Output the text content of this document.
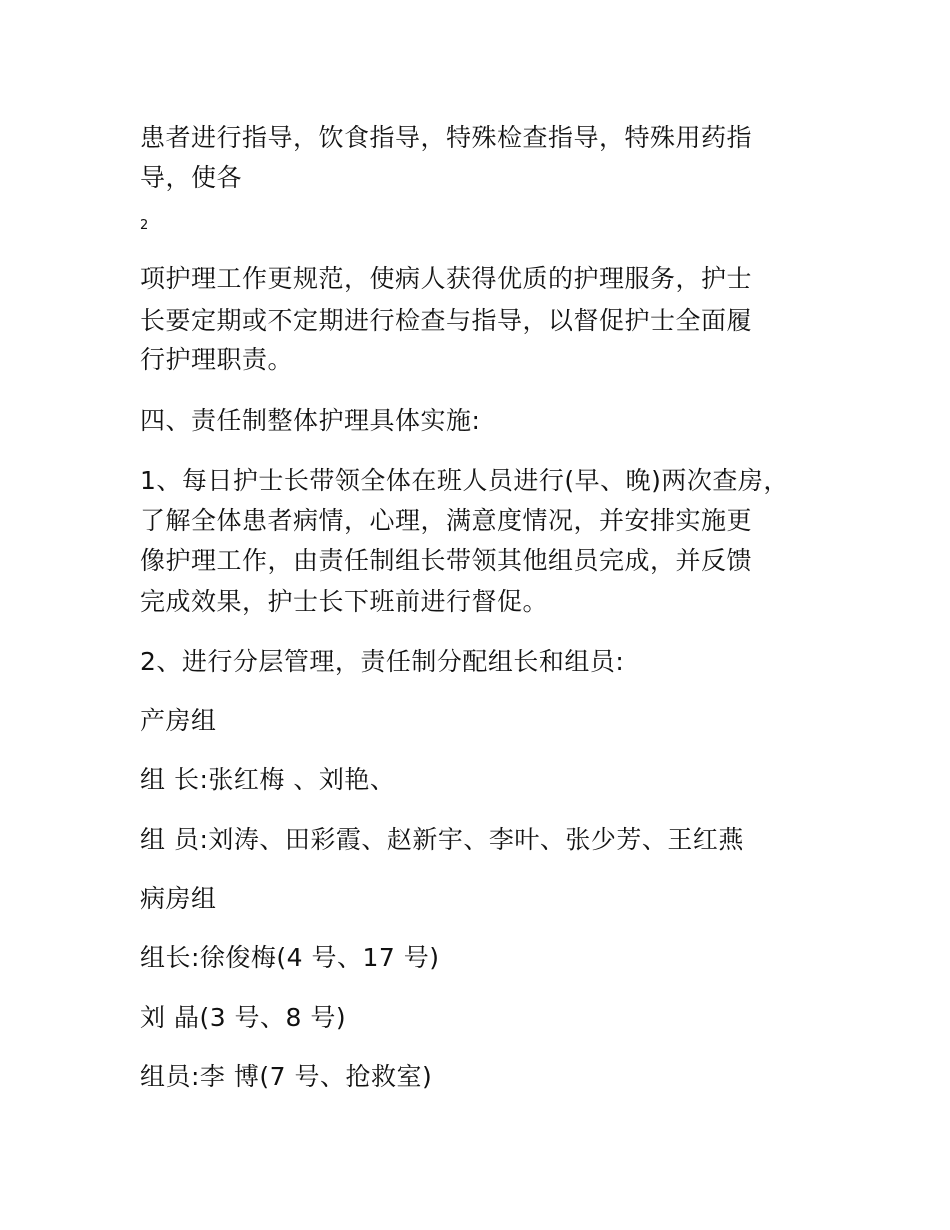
患者进行指导，饮食指导，特殊检查指导，特殊用药指
导，使各
2
项护理工作更规范，使病人获得优质的护理服务，护士
长要定期或不定期进行检查与指导，以督促护士全面履
行护理职责。
四、责任制整体护理具体实施:
1、每日护士长带领全体在班人员进行(早、晚)两次查房，
了解全体患者病情，心理，满意度情况，并安排实施更
像护理工作，由责任制组长带领其他组员完成，并反馈
完成效果，护士长下班前进行督促。
2、进行分层管理，责任制分配组长和组员:
产房组
组 长:张红梅 、刘艳、
组 员:刘涛、田彩霞、赵新宇、李叶、张少芳、王红燕
病房组
组长:徐俊梅(4 号、17 号)
刘 晶(3 号、8 号)
组员:李 博(7 号、抢救室)
